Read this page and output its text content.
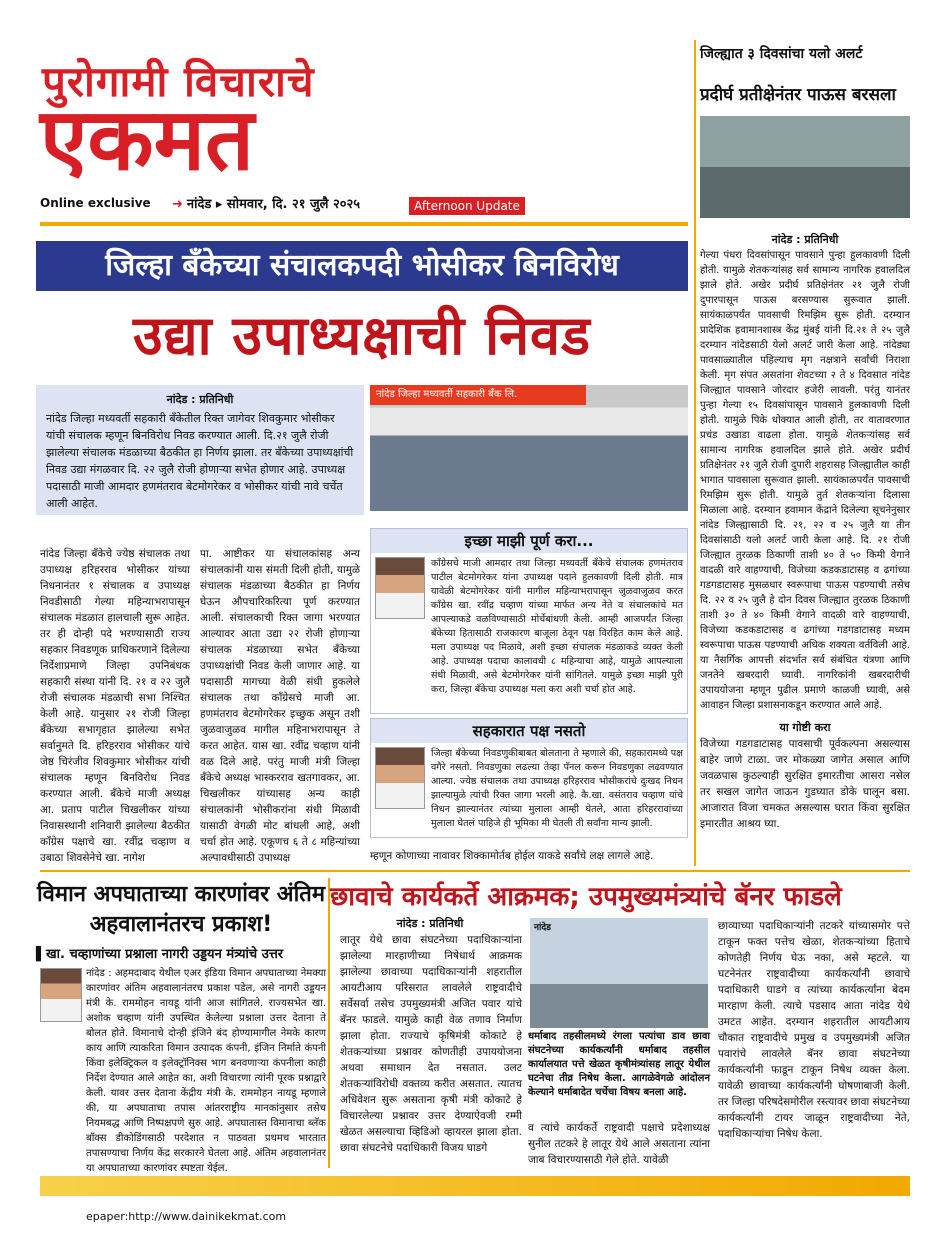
पुरोगामी विचाराचे
एकमत
Online exclusive ➜ नांदेड ▸ सोमवार, दि. २१ जुलै २०२५	Afternoon Update
जिल्हा बँकेच्या संचालकपदी भोसीकर बिनविरोध
उद्या उपाध्यक्षाची निवड
नांदेड : प्रतिनिधी
नांदेड जिल्हा मध्यवर्ती सहकारी बँकेतील रिक्त जागेवर शिवकुमार भोसीकर यांची संचालक म्हणून बिनविरोध निवड करण्यात आली. दि.२१ जुलै रोजी झालेल्या संचालक मंडळाच्या बैठकीत हा निर्णय झाला. तर बँकेच्या उपाध्यक्षांची निवड उद्या मंगळवार दि. २२ जुलै रोजी होणाऱ्या सभेत होणार आहे. उपाध्यक्ष पदासाठी माजी आमदार हणमंतराव बेटमोगरेकर व भोसीकर यांची नावे चर्चेत आली आहेत.
नांदेड जिल्हा मध्यवर्ती सहकारी बँक लि.
नांदेड जिल्हा बँकेचे ज्येष्ठ संचालक तथा उपाध्यक्ष हरिहरराव भोसीकर यांच्या निधनानंतर १ संचालक व उपाध्यक्ष निवडीसाठी गेल्या महिन्याभरापासून संचालक मंडळात हालचाली सुरू आहेत. तर ही दोन्ही पदे भरण्यासाठी राज्य सहकार निवडणूक प्राधिकरणाने दिलेल्या निर्देशाप्रमाणे जिल्हा उपनिबंधक सहकारी संस्था यांनी दि. २१ व २२ जुलै रोजी संचालक मंडळाची सभा निश्चित केली आहे. यानुसार २१ रोजी जिल्हा बँकेच्या सभागृहात झालेल्या सभेत सर्वानुमते दि. हरिहरराव भोसीकर यांचे जेष्ठ चिरंजीव शिवकुमार भोसीकर यांची संचालक म्हणून बिनविरोध निवड करण्यात आली. बँकेचे माजी अध्यक्ष आ. प्रताप पाटील चिखलीकर यांच्या निवासस्थानी शनिवारी झालेल्या बैठकीत काँग्रेस पक्षाचे खा. रवींद्र चव्हाण व उबाठा शिवसेनेचे खा. नागेश
पा. आष्टीकर या संचालकांसह अन्य संचालकांनी यास संमती दिली होती, यामुळे संचालक मंडळाच्या बैठकीत हा निर्णय घेऊन औपचारिकरित्या पूर्ण करण्यात आली. संचालकाची रिक्त जागा भरण्यात आल्यावर आता उद्या २२ रोजी होणाऱ्या संचालक मंडळाच्या सभेत बँकेच्या उपाध्यक्षांची निवड केली जाणार आहे. या पदासाठी मागच्या वेळी संधी हुकलेले संचालक तथा काँग्रेसचे माजी आ. हणमंतराव बेटमोगरेकर इच्छुक असून तशी जुळवाजुळव मागील महिनाभरापासून ते करत आहेत. यास खा. रवींद्र चव्हाण यांनी वळ दिले आहे. परंतु माजी मंत्री जिल्हा बँकेचे अध्यक्ष भास्करराव खतगावकर, आ. चिखलीकर यांच्यासह अन्य काही संचालकांनी भोसीकरांना संधी मिळावी यासाठी वेगळी मोट बांधली आहे, अशी चर्चा होत आहे. एकूणच ६ ते ८ महिन्यांच्या अल्पावधीसाठी उपाध्यक्ष
इच्छा माझी पूर्ण करा...
काँग्रेसचे माजी आमदार तथा जिल्हा मध्यवर्ती बँकेचे संचालक हणमंतराव पाटील बेटमोगरेकर यांना उपाध्यक्ष पदाने हुलकावणी दिली होती. मात्र यावेळी बेटमोगरेकर यांनी मागील महिन्याभरापासून जुळवाजुळव करत काँग्रेस खा. रवींद्र चव्हाण यांच्या मार्फत अन्य नेते व संचालकांचे मत आपल्याकडे वळविण्यासाठी मोर्चेबांधणी केली. आम्ही आजपर्यंत जिल्हा बँकेच्या हितासाठी राजकारण बाजूला ठेवून पक्ष विरहित काम केले आहे. मला उपाध्यक्ष पद मिळावे, अशी इच्छा संचालक मंडळाकडे व्यक्त केली आहे. उपाध्यक्ष पदाचा कालावधी ८ महिन्याचा आहे, यामुळे आपल्याला संधी मिळावी, असे बेटमोगरेकर यांनी सांगितले. यामुळे इच्छा माझी पुरी करा, जिल्हा बँकेचा उपाध्यक्ष मला करा अशी चर्चा होत आहे.
सहकारात पक्ष नसतो
जिल्हा बँकेच्या निवडणुकीबाबत बोलताना ते म्हणाले की, सहकारामध्ये पक्ष वगैरे नसतो. निवडणुका लढल्या तेव्हा पॅनल करून निवडणुका लढवण्यात आल्या. ज्येष्ठ संचालक तथा उपाध्यक्ष हरिहरराव भोसीकरांचे दुःखद निधन झाल्यामुळे त्यांची रिक्त जागा भरली आहे. कै.खा. वसंतराव चव्हाण यांचे निधन झाल्यानंतर त्यांच्या मुलाला आम्ही घेतले, आता हरिहररावांच्या मुलाला घेतलं पाहिजे ही भूमिका मी घेतली ती सर्वांना मान्य झाली.
म्हणून कोणाच्या नावावर शिक्कामोर्तब होईल याकडे सर्वांचे लक्ष लागले आहे.
जिल्ह्यात ३ दिवसांचा यलो अलर्ट
प्रदीर्घ प्रतीक्षेनंतर पाऊस बरसला
नांदेड : प्रतिनिधी
गेल्या पंधरा दिवसांपासून पावसाने पुन्हा हुलकावणी दिली होती. यामुळे शेतकऱ्यांसह सर्व सामान्य नागरिक हवालदिल झाले होते. अखेर प्रदीर्घ प्रतिक्षेनंतर २१ जुलै रोजी दुपारपासून पाऊस बरसण्यास सुरूवात झाली. सायंकाळपर्यंत पावसाची रिमझिम सुरू होती. दरम्यान प्रादेशिक हवामानशास्त्र केंद्र मुंबई यांनी दि.२१ ते २५ जुलै दरम्यान नांदेडसाठी येलो अलर्ट जारी केला आहे. नांदेड्या पावसाळ्यातील पहिल्याच मृग नक्षत्राने सर्वांची निराशा केली. मृग संपत असतांना शेवटच्या २ ते ४ दिवसात नांदेड जिल्ह्यात पावसाने जोरदार हजेरी लावली. परंतु यानंतर पुन्हा गेल्या १५ दिवसांपासून पावसाने हुलकावणी दिली होती. यामुळे पिके धोक्यात आली होती, तर वातावरणात प्रचंड उखाडा वाढला होता. यामुळे शेतकऱ्यांसह सर्व सामान्य नागरिक हवालदिल झाले होते. अखेर प्रदीर्घ प्रतिक्षेनंतर २१ जुलै रोजी दुपारी शहरासह जिल्ह्यातील काही भागात पावसाला सुरूवात झाली. सायंकाळपर्यंत पावसाची रिमझिम सुरू होती. यामुळे तुर्त शेतकऱ्यांना दिलासा मिळाला आहे. दरम्यान हवामान केंद्राने दिलेल्या सूचनेनुसार नांदेड जिल्ह्यासाठी दि. २१, २२ व २५ जुलै या तीन दिवसांसाठी यलो अलर्ट जारी केला आहे. दि. २१ रोजी जिल्ह्यात तुरळक ठिकाणी ताशी ४० ते ५० किमी वेगाने वादळी वारे वाहण्याची, विजेच्या कडकडाटासह व ढगांच्या गडगडाटासह मुसळधार स्वरूपाचा पाऊस पडण्याची तसेच दि. २२ व २५ जुलै हे दोन दिवस जिल्ह्यात तुरळक ठिकाणी ताशी ३० ते ४० किमी वेगाने वादळी वारे वाहण्याची, विजेच्या कडकडाटासह व ढगांच्या गडगडाटासह मध्यम स्वरूपाचा पाऊस पडण्याची अधिक शक्यता वर्तविली आहे. या नैसर्गिक आपत्ती संदर्भात सर्व संबंधित यंत्रणा आणि जनतेने खबरदारी घ्यावी. नागरिकांनी खबरदारीची उपाययोजना म्हणून पुढील प्रमाणे काळजी घ्यावी, असे आवाहन जिल्हा प्रशासनाकडून करण्यात आले आहे.
या गोष्टी करा
विजेच्या गडगडाटासह पावसाची पूर्वकल्पना असल्यास बाहेर जाणे टाळा. जर मोकळ्या जागेत असाल आणि जवळपास कुठल्याही सुरक्षित इमारतीचा आसरा नसेल तर सखल जागेत जाऊन गुडघ्यात डोके घालून बसा. आजारात विजा चमकत असल्यास घरात किंवा सुरक्षित इमारतीत आश्रय घ्या.
विमान अपघाताच्या कारणांवर अंतिम अहवालानंतरच प्रकाश!
▌खा. चव्हाणांच्या प्रश्नाला नागरी उड्डयन मंत्र्यांचे उत्तर
नांदेड : अहमदाबाद येथील एअर इंडिया विमान अपघाताच्या नेमक्या कारणांवर अंतिम अहवालानंतरच प्रकाश पडेल, असे नागरी उड्डयन मंत्री के. राममोहन नायडू यांनी आज सांगितले. राज्यसभेत खा. अशोक चव्हाण यांनी उपस्थित केलेल्या प्रश्नाला उत्तर देताना ते बोलत होते. विमानाचे दोन्ही इंजिने बंद होण्यामागील नेमके कारण काय आणि त्याकरिता विमान उत्पादक कंपनी, इंजिन निर्माते कंपनी किंवा इलेक्ट्रिकल व इलेक्ट्रॉनिक्स भाग बनवणाऱ्या कंपनीला काही निर्देश देण्यात आले आहेत का, अशी विचारणा त्यांनी पूरक प्रश्नाद्वारे केली. यावर उत्तर देताना केंद्रीय मंत्री के. राममोहन नायडू म्हणाले की, या अपघाताचा तपास आंतरराष्ट्रीय मानकांनुसार तसेच नियमबद्ध आणि निष्पक्षपणे सुरु आहे. अपघातास्त विमानाचा ब्लॅक बॉक्स डीकोडिंगसाठी परदेशात न पाठवता प्रथमच भारतात तपासण्याचा निर्णय केंद्र सरकारने घेतला आहे. अंतिम अहवालानंतर या अपघाताच्या कारणांवर स्पष्टता येईल.
छावाचे कार्यकर्ते आक्रमक; उपमुख्यमंत्र्यांचे बॅनर फाडले
नांदेड : प्रतिनिधी
लातूर येथे छावा संघटनेच्या पदाधिकाऱ्यांना झालेल्या मारहाणीच्या निषेधार्थ आक्रमक झालेल्या छावाच्या पदाधिकाऱ्यांनी शहरातील आयटीआय परिसरात लावलेले राष्ट्रवादीचे सर्वेसर्वा तसेच उपमुख्यमंत्री अजित पवार यांचे बॅनर फाडले. यामुळे काही वेळ तणाव निर्माण झाला होता. राज्याचे कृषिमंत्री कोकाटे हे शेतकऱ्यांच्या प्रश्नावर कोणतीही उपाययोजना अथवा समाधान देत नसतात. उलट शेतकऱ्यांविरोधी वक्तव्य करीत असतात. त्यातच अधिवेशन सुरू असताना कृषी मंत्री कोकाटे हे विचारलेल्या प्रश्नावर उत्तर देण्याऐवजी रम्मी खेळत असल्याचा व्हिडिओ व्हायरल झाला होता. छावा संघटनेचे पदाधिकारी विजय घाडगे
नांदेड
धर्माबाद तहसीलमध्ये रंगला पत्यांचा डाव छावा संघटनेच्या कार्यकर्त्यांनी धर्माबाद तहसील कार्यालयात पत्ते खेळत कृषीमंत्र्यांसह लातूर येथील घटनेचा तीव्र निषेध केला. आगळेवेगळे आंदोलन केल्याने धर्माबादेत चर्चेचा विषय बनला आहे.
व त्यांचे कार्यकर्ते राष्ट्रवादी पक्षाचे प्रदेशाध्यक्ष सुनील तटकरे हे लातूर येथे आले असताना त्यांना जाब विचारण्यासाठी गेले होते. यावेळी
छाव्याच्या पदाधिकाऱ्यांनी तटकरे यांच्यासमोर पत्ते टाकून फक्त पत्तेच खेळा, शेतकऱ्यांच्या हिताचे कोणतेही निर्णय घेऊ नका, असे म्हटले. या घटनेनंतर राष्ट्रवादीच्या कार्यकर्त्यांनी छावाचे पदाधिकारी घाडगे व त्यांच्या कार्यकर्त्यांना बेदम मारहाण केली. त्याचे पडसाद आता नांदेड येथे उमटत आहेत. दरम्यान शहरातील आयटीआय चौकात राष्ट्रवादीचे प्रमुख व उपमुख्यमंत्री अजित पवारांचे लावलेले बॅनर छावा संघटनेच्या कार्यकर्त्यांनी फाडून टाकून निषेध व्यक्त केला. यावेळी छावाच्या कार्यकर्त्यांनी घोषणाबाजी केली. तर जिल्हा परिषदेसमोरील रस्त्यावर छावा संघटनेच्या कार्यकर्त्यांनी टायर जाळून राष्ट्रवादीच्या नेते, पदाधिकाऱ्यांचा निषेध केला.
epaper:http://www.dainikekmat.com
